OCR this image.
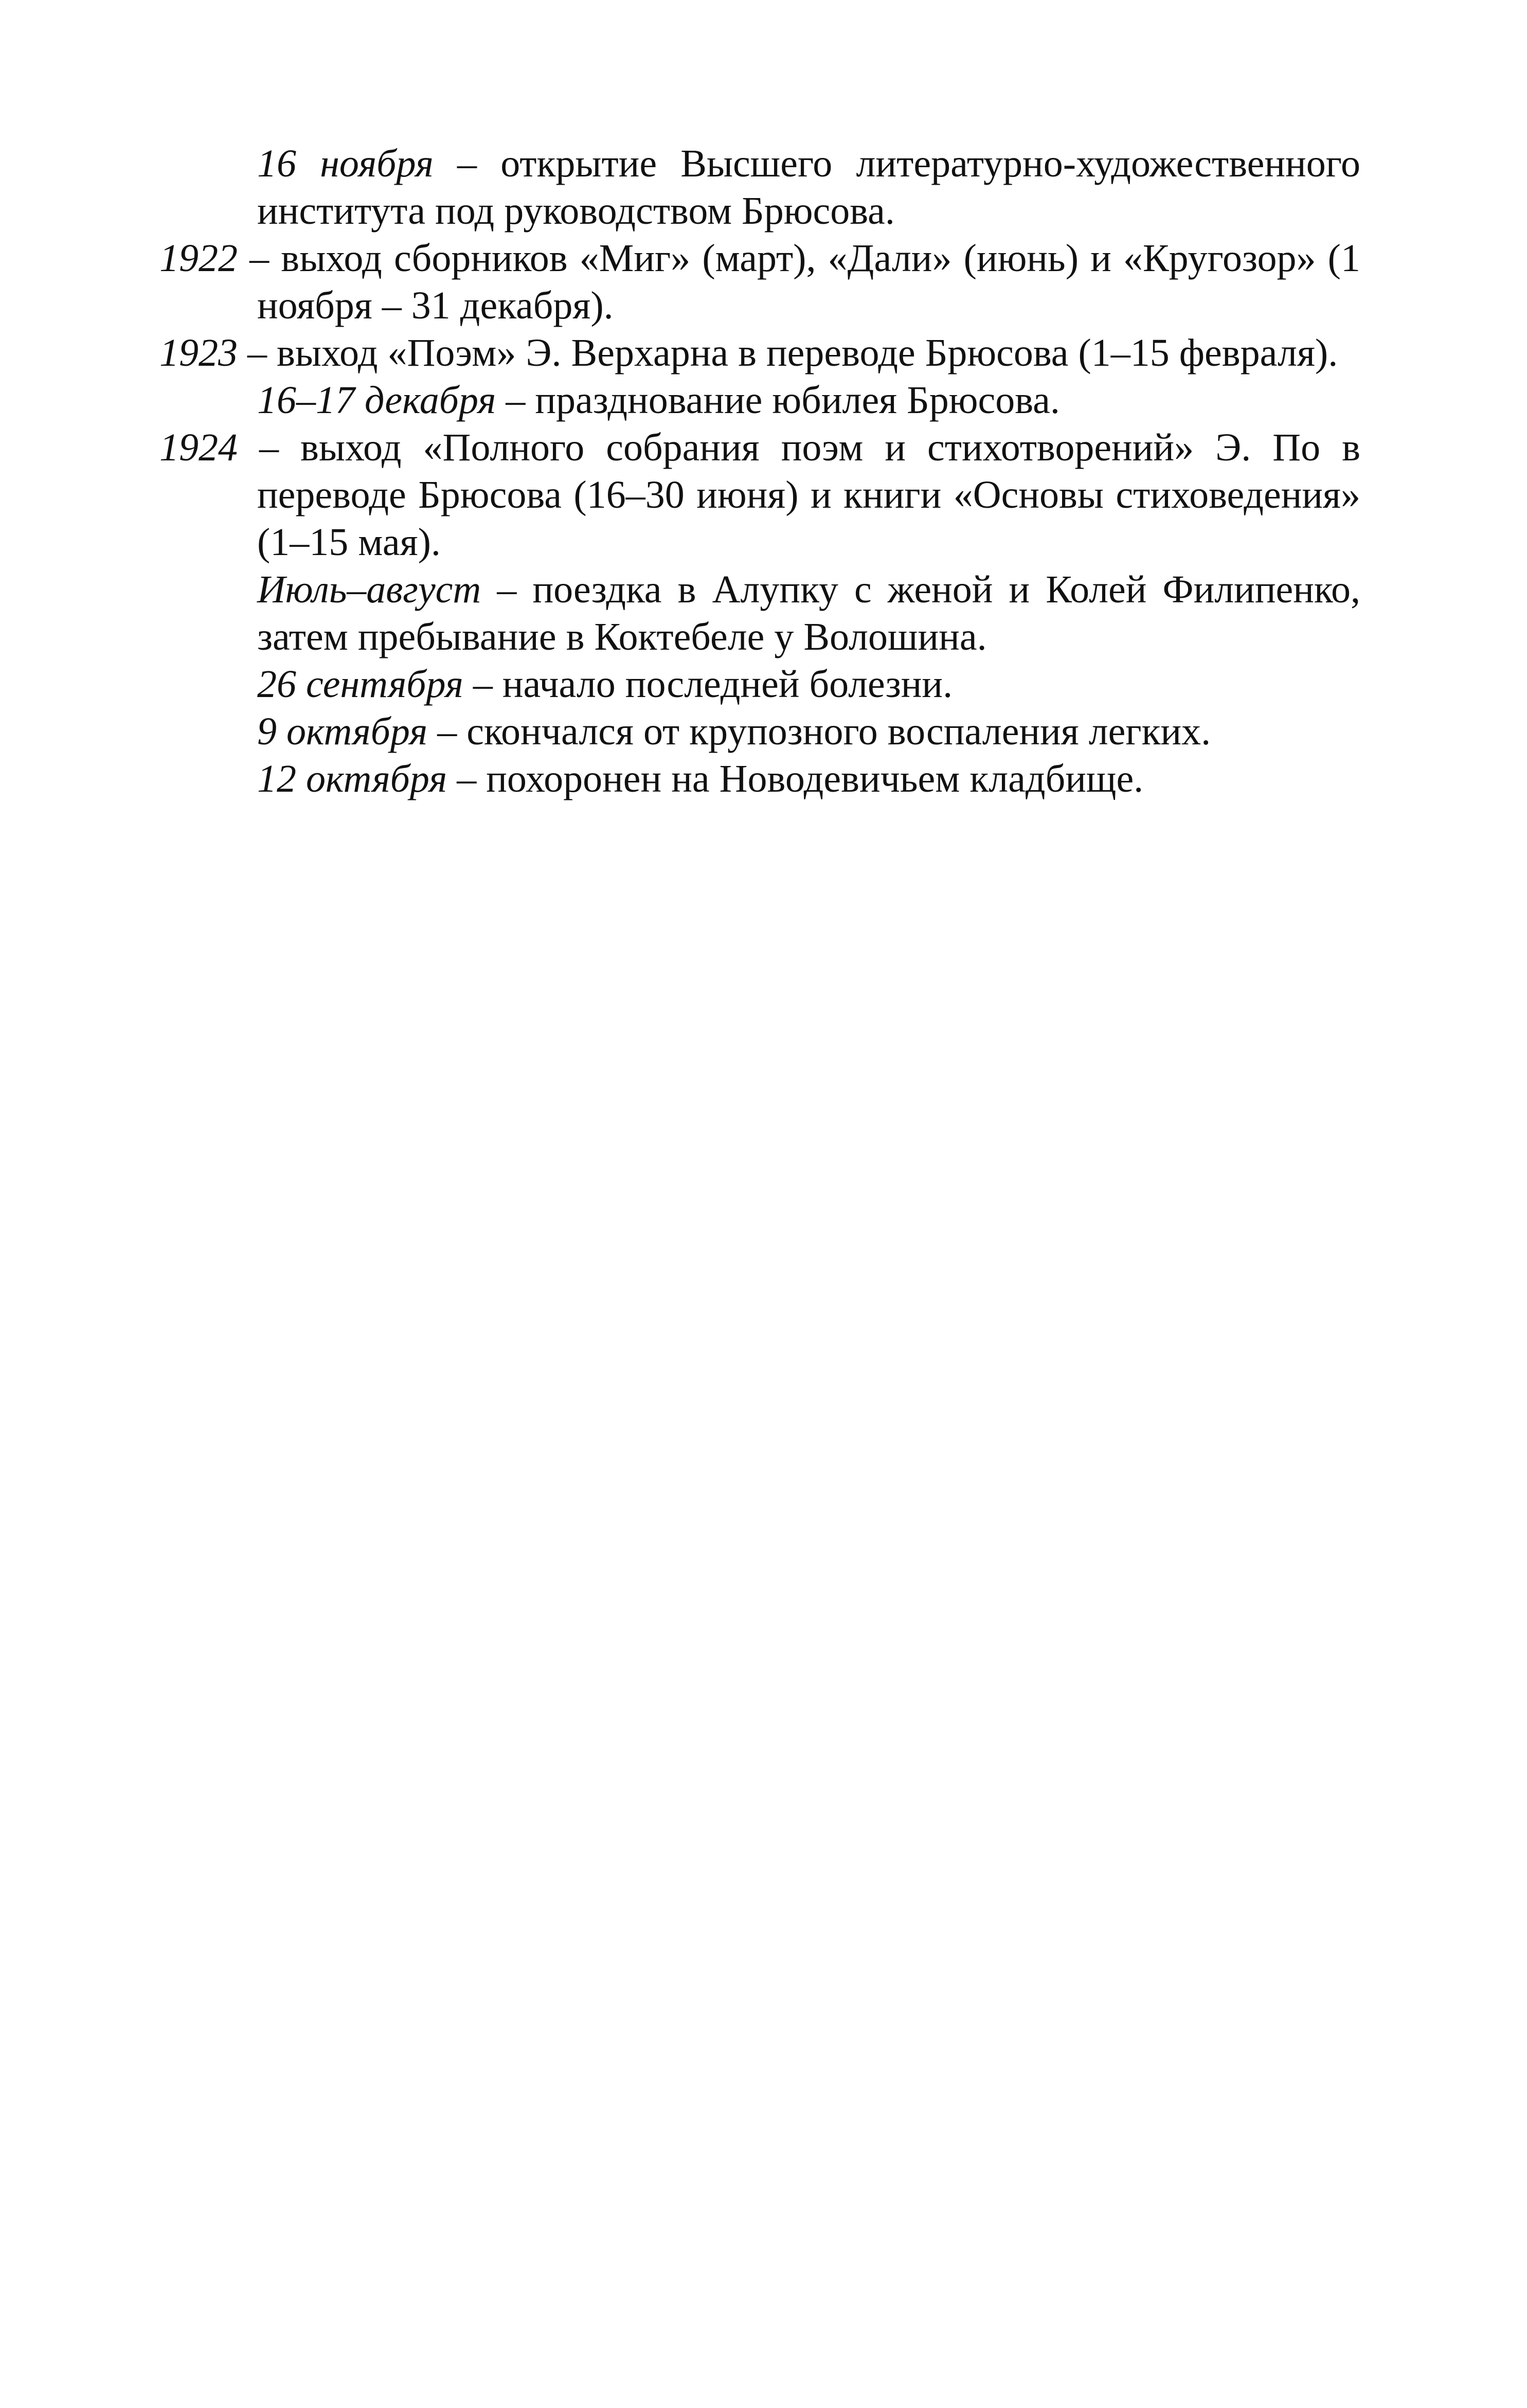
16 ноября – открытие Высшего литературно-художественного института под руководством Брюсова.

1922 – выход сборников «Миг» (март), «Дали» (июнь) и «Кругозор» (1 ноября – 31 декабря).

1923 – выход «Поэм» Э. Верхарна в переводе Брюсова (1–15 февраля).

16–17 декабря – празднование юбилея Брюсова.

1924 – выход «Полного собрания поэм и стихотворений» Э. По в переводе Брюсова (16–30 июня) и книги «Основы стиховедения» (1–15 мая).

Июль–август – поездка в Алупку с женой и Колей Филипенко, затем пребывание в Коктебеле у Волошина.

26 сентября – начало последней болезни.

9 октября – скончался от крупозного воспаления легких.

12 октября – похоронен на Новодевичьем кладбище.
